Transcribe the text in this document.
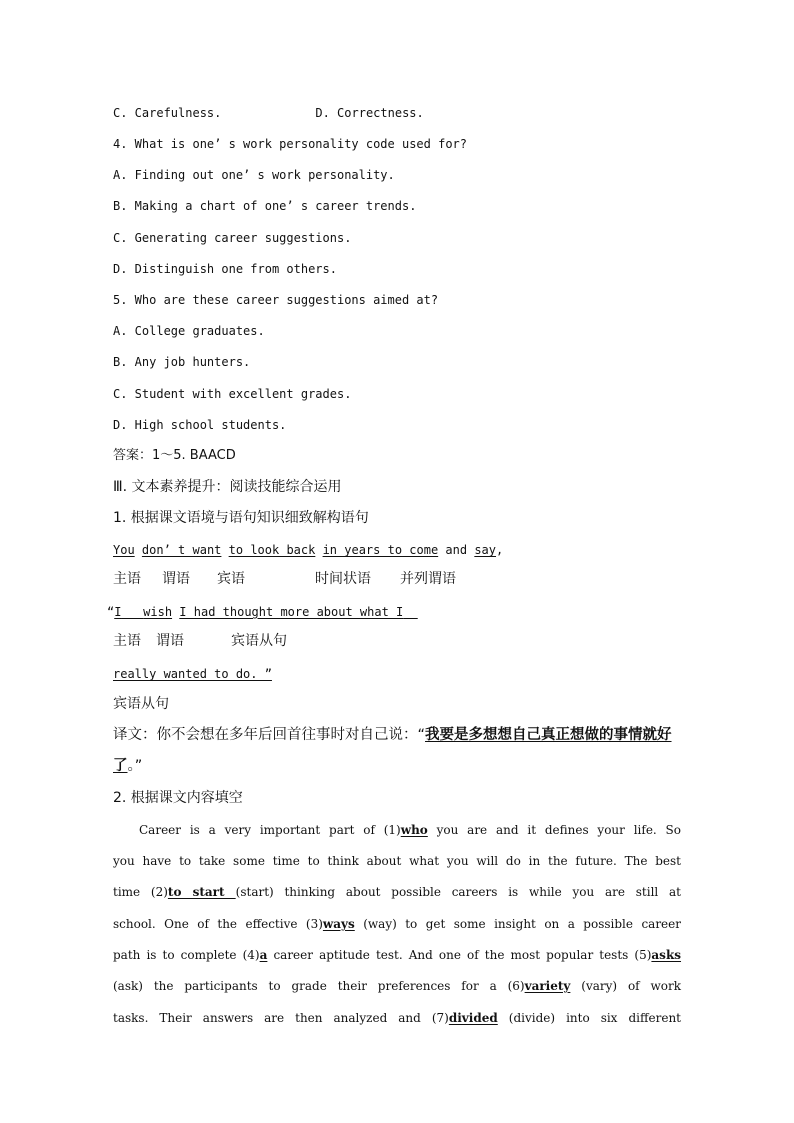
C. Carefulness.	D. Correctness.
4. What is one’ s work personality code used for?
A. Finding out one’ s work personality.
B. Making a chart of one’ s career trends.
C. Generating career suggestions.
D. Distinguish one from others.
5. Who are these career suggestions aimed at?
A. College graduates.
B. Any job hunters.
C. Student with excellent grades.
D. High school students.
答案：1～5. BAACD
Ⅲ. 文本素养提升：阅读技能综合运用
1. 根据课文语境与语句知识细致解构语句
You don’ t want to look back in years to come and say,
主语 谓语 宾语	时间状语 并列谓语
“I wish I had thought more about what I
主语 谓语	宾语从句
really wanted to do. ”
宾语从句
译文：你不会想在多年后回首往事时对自己说：“我要是多想想自己真正想做的事情就好
了。”
2. 根据课文内容填空
Career is a very important part of (1)who you are and it defines your life. So
you have to take some time to think about what you will do in the future. The best
time (2)to start (start) thinking about possible careers is while you are still at
school. One of the effective (3)ways (way) to get some insight on a possible career
path is to complete (4)a career aptitude test. And one of the most popular tests (5)asks
(ask) the participants to grade their preferences for a (6)variety (vary) of work
tasks. Their answers are then analyzed and (7)divided (divide) into six different
